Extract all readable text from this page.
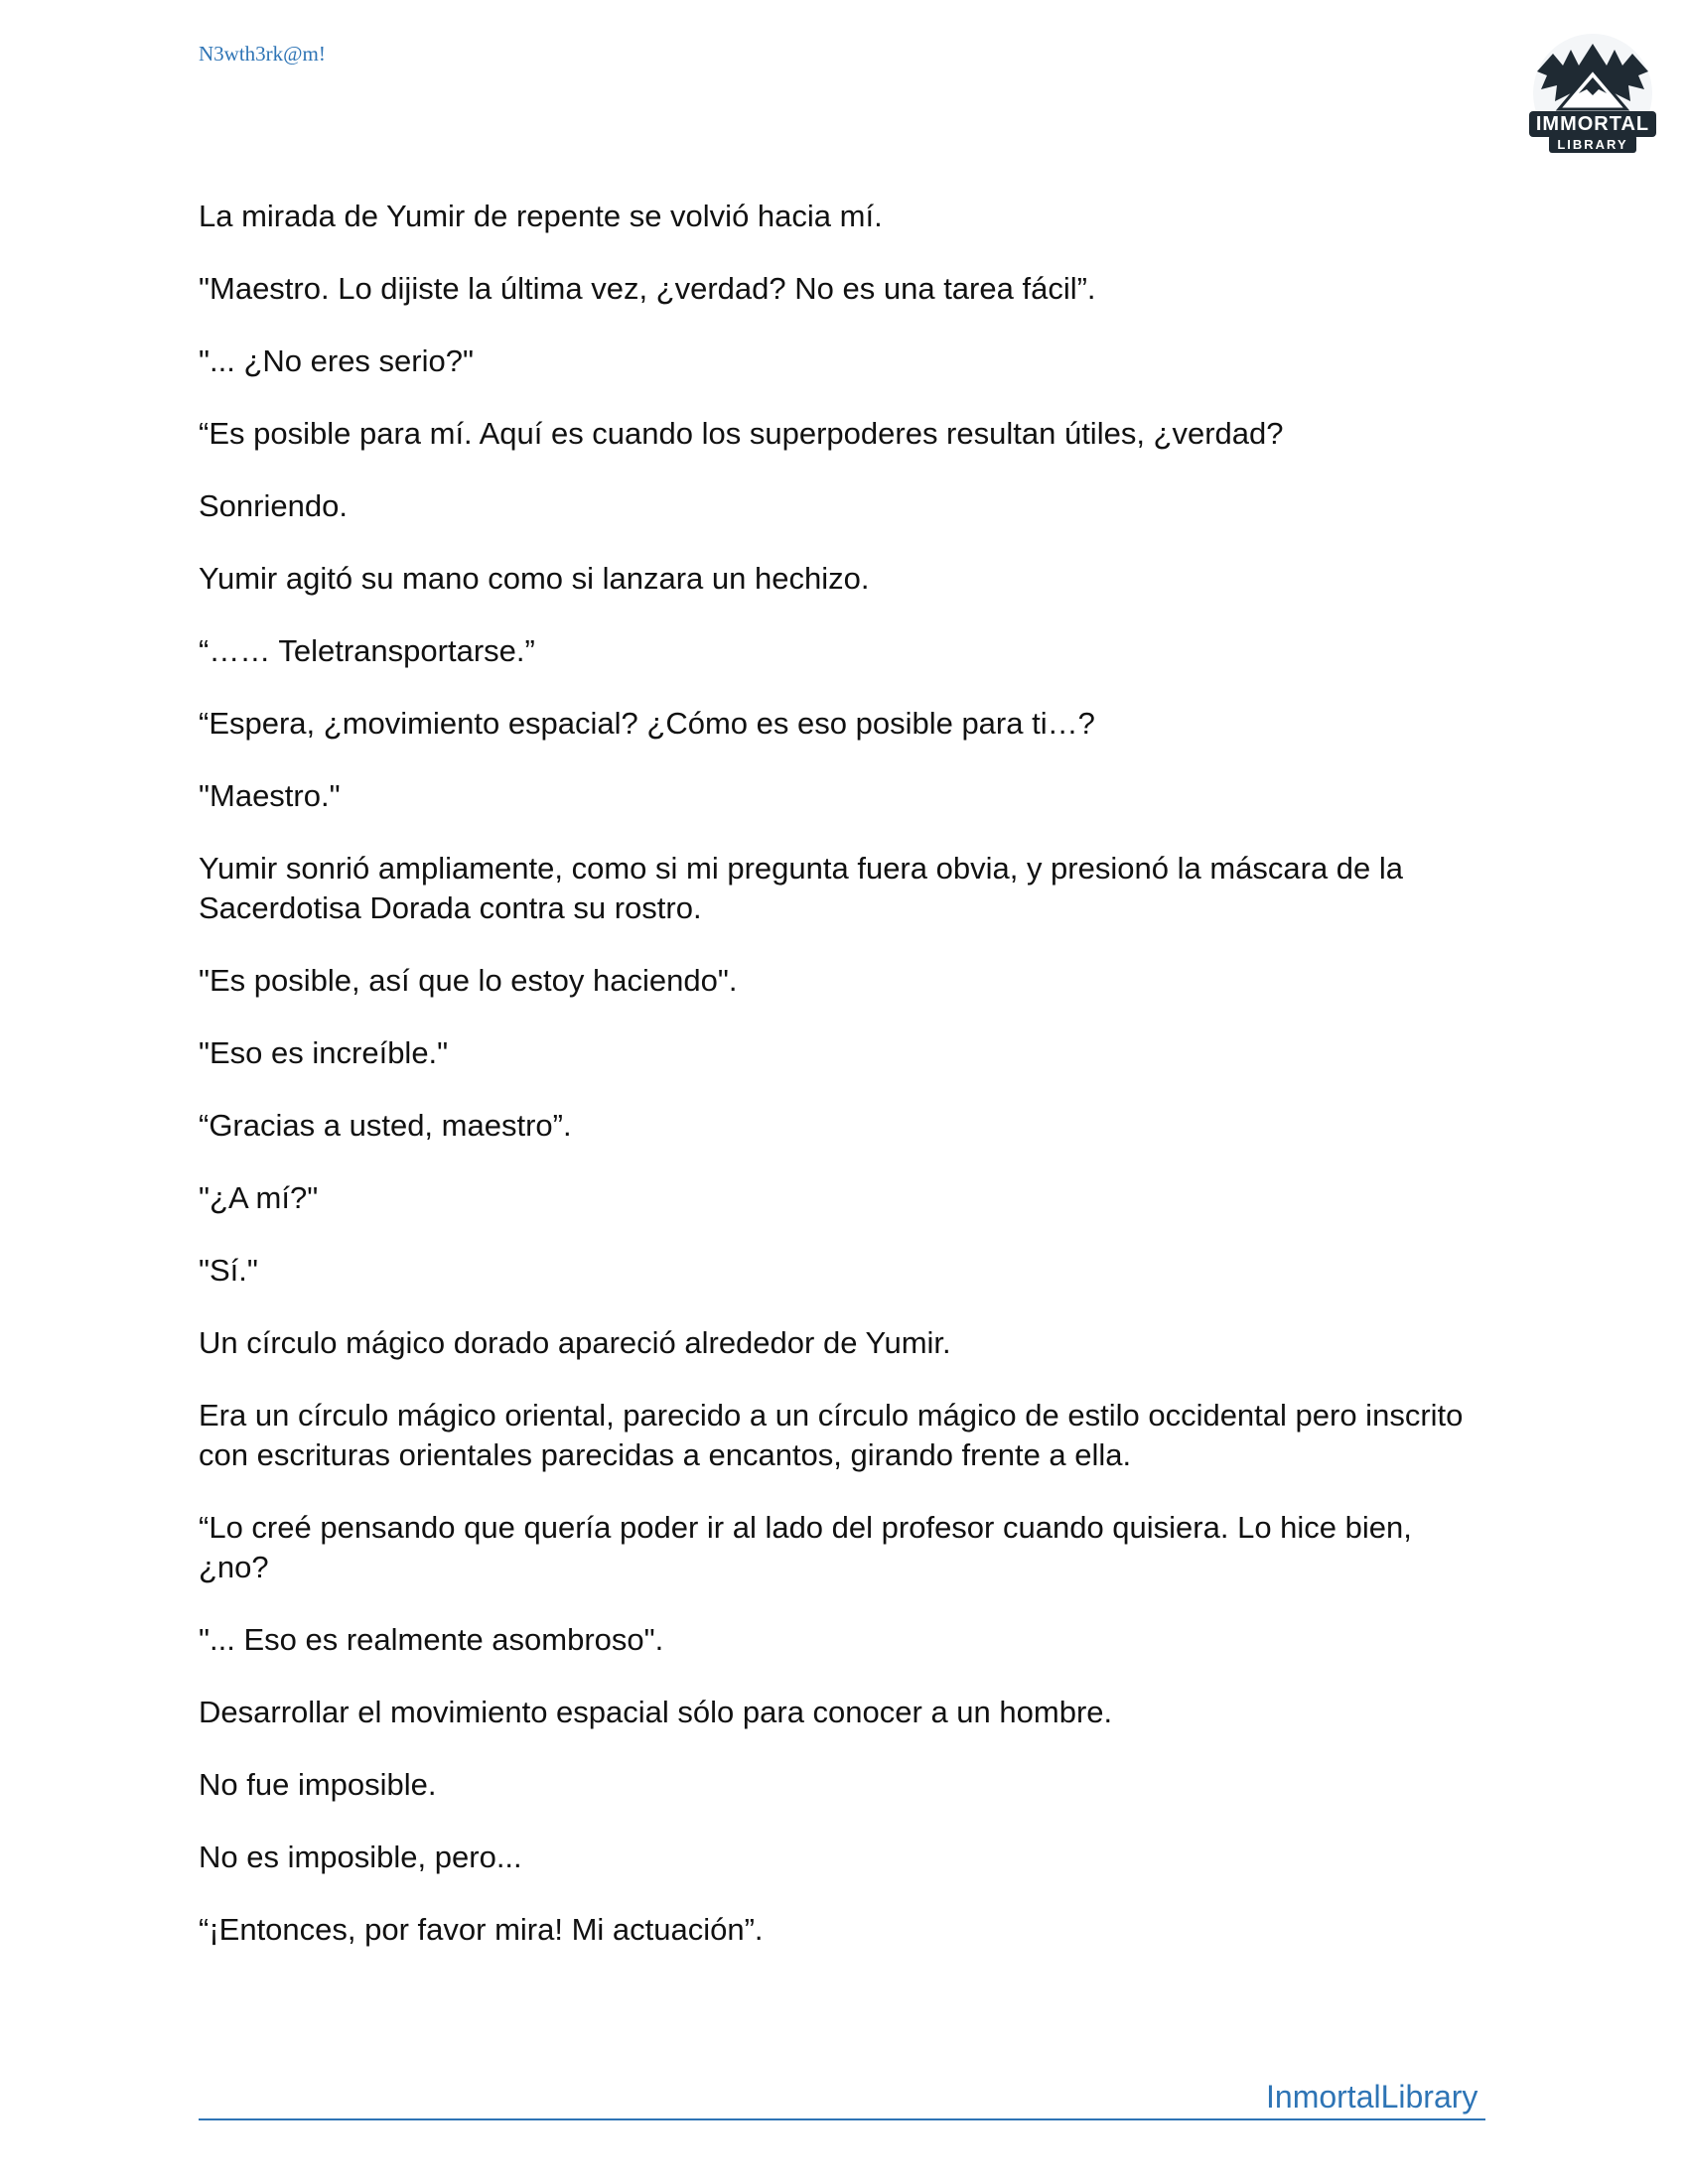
N3wth3rk@m!
IMMORTAL
LIBRARY

La mirada de Yumir de repente se volvió hacia mí.

"Maestro. Lo dijiste la última vez, ¿verdad? No es una tarea fácil”.

"... ¿No eres serio?"

“Es posible para mí. Aquí es cuando los superpoderes resultan útiles, ¿verdad?

Sonriendo.

Yumir agitó su mano como si lanzara un hechizo.

“…… Teletransportarse.”

“Espera, ¿movimiento espacial? ¿Cómo es eso posible para ti…?

"Maestro."

Yumir sonrió ampliamente, como si mi pregunta fuera obvia, y presionó la máscara de la Sacerdotisa Dorada contra su rostro.

"Es posible, así que lo estoy haciendo".

"Eso es increíble."

“Gracias a usted, maestro”.

"¿A mí?"

"Sí."

Un círculo mágico dorado apareció alrededor de Yumir.

Era un círculo mágico oriental, parecido a un círculo mágico de estilo occidental pero inscrito con escrituras orientales parecidas a encantos, girando frente a ella.

“Lo creé pensando que quería poder ir al lado del profesor cuando quisiera. Lo hice bien, ¿no?

"... Eso es realmente asombroso".

Desarrollar el movimiento espacial sólo para conocer a un hombre.

No fue imposible.

No es imposible, pero...

“¡Entonces, por favor mira! Mi actuación”.

InmortalLibrary
